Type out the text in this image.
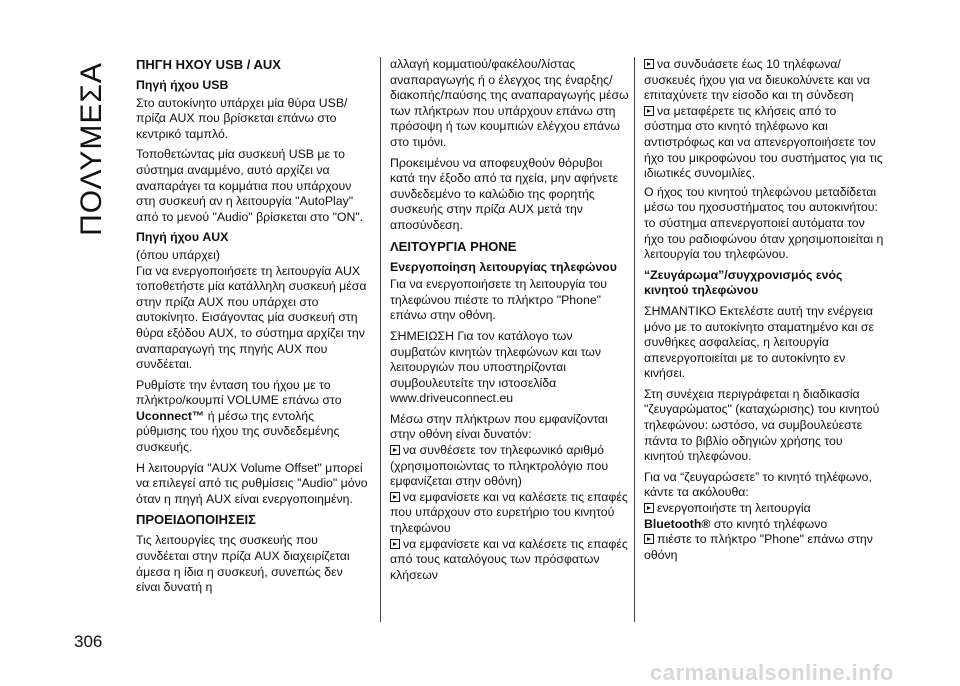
ΠΟΛΥΜΕΣΑ ΠΗΓΗ ΗΧΟΥ USB / AUX
Πηγή ήχου USB

Στο αυτοκίνητο υπάρχει μία θύρα USB/πρίζα AUX που βρίσκεται επάνω στο κεντρικό ταμπλό.

Τοποθετώντας μία συσκευή USB με το σύστημα αναμμένο, αυτό αρχίζει να αναπαράγει τα κομμάτια που υπάρχουν στη συσκευή αν η λειτουργία "AutoPlay" από το μενού "Audio" βρίσκεται στο "ON".

Πηγή ήχου AUX

(όπου υπάρχει)

Για να ενεργοποιήσετε τη λειτουργία AUX τοποθετήστε μία κατάλληλη συσκευή μέσα στην πρίζα AUX που υπάρχει στο αυτοκίνητο. Εισάγοντας μία συσκευή στη θύρα εξόδου AUX, το σύστημα αρχίζει την αναπαραγωγή της πηγής AUX που συνδέεται.

Ρυθμίστε την ένταση του ήχου με το πλήκτρο/κουμπί VOLUME επάνω στο Uconnect™ ή μέσω της εντολής ρύθμισης του ήχου της συνδεδεμένης συσκευής.

Η λειτουργία "AUX Volume Offset" μπορεί να επιλεγεί από τις ρυθμίσεις "Audio" μόνο όταν η πηγή AUX είναι ενεργοποιημένη.

ΠΡΟΕΙΔΟΠΟΙΗΣΕΙΣ

Τις λειτουργίες της συσκευής που συνδέεται στην πρίζα AUX διαχειρίζεται άμεσα η ίδια η συσκευή, συνεπώς δεν είναι δυνατή η

αλλαγή κομματιού/φακέλου/λίστας αναπαραγωγής ή ο έλεγχος της έναρξης/διακοπής/παύσης της αναπαραγωγής μέσω των πλήκτρων που υπάρχουν επάνω στη πρόσοψη ή των κουμπιών ελέγχου επάνω στο τιμόνι.

Προκειμένου να αποφευχθούν θόρυβοι κατά την έξοδο από τα ηχεία, μην αφήνετε συνδεδεμένο το καλώδιο της φορητής συσκευής στην πρίζα AUX μετά την αποσύνδεση.

ΛΕΙΤΟΥΡΓΙΑ PHONE
Ενεργοποίηση λειτουργίας τηλεφώνου

Για να ενεργοποιήσετε τη λειτουργία του τηλεφώνου πιέστε το πλήκτρο "Phone" επάνω στην οθόνη.

ΣΗΜΕΙΩΣΗ Για τον κατάλογο των συμβατών κινητών τηλεφώνων και των λειτουργιών που υποστηρίζονται συμβουλευτείτε την ιστοσελίδα www.driveuconnect.eu

Μέσω στην πλήκτρων που εμφανίζονται στην οθόνη είναι δυνατόν:

να συνθέσετε τον τηλεφωνικό αριθμό (χρησιμοποιώντας το πληκτρολόγιο που εμφανίζεται στην οθόνη)
να εμφανίσετε και να καλέσετε τις επαφές που υπάρχουν στο ευρετήριο του κινητού τηλεφώνου
να εμφανίσετε και να καλέσετε τις επαφές από τους καταλόγους των πρόσφατων κλήσεων
να συνδυάσετε έως 10 τηλέφωνα/συσκευές ήχου για να διευκολύνετε και να επιταχύνετε την είσοδο και τη σύνδεση
να μεταφέρετε τις κλήσεις από το σύστημα στο κινητό τηλέφωνο και αντιστρόφως και να απενεργοποιήσετε τον ήχο του μικροφώνου του συστήματος για τις ιδιωτικές συνομιλίες.

Ο ήχος του κινητού τηλεφώνου μεταδίδεται μέσω του ηχοσυστήματος του αυτοκινήτου: το σύστημα απενεργοποιεί αυτόματα τον ήχο του ραδιοφώνου όταν χρησιμοποιείται η λειτουργία του τηλεφώνου.

“Ζευγάρωμα”/συγχρονισμός ενός κινητού τηλεφώνου

ΣΗΜΑΝΤΙΚΟ Εκτελέστε αυτή την ενέργεια μόνο με το αυτοκίνητο σταματημένο και σε συνθήκες ασφαλείας, η λειτουργία απενεργοποιείται με το αυτοκίνητο εν κινήσει.

Στη συνέχεια περιγράφεται η διαδικασία "ζευγαρώματος" (καταχώρισης) του κινητού τηλεφώνου: ωστόσο, να συμβουλεύεστε πάντα το βιβλίο οδηγιών χρήσης του κινητού τηλεφώνου.

Για να “ζευγαρώσετε” το κινητό τηλέφωνο, κάντε τα ακόλουθα:

ενεργοποιήστε τη λειτουργία
Bluetooth® στο κινητό τηλέφωνο
πιέστε το πλήκτρο "Phone" επάνω στην οθόνη
306
carmanualsonline.info
